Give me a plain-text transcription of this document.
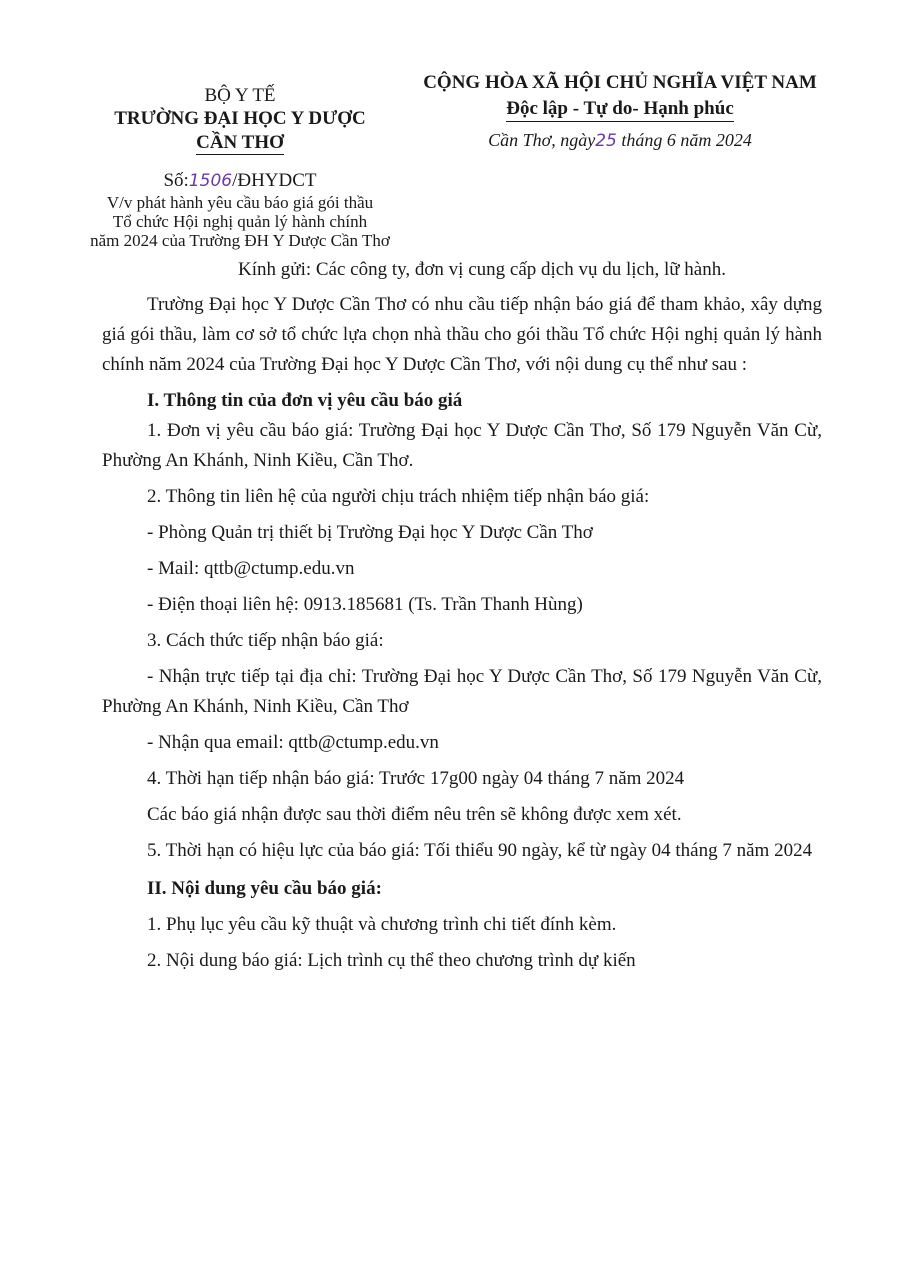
BỘ Y TẾ
TRƯỜNG ĐẠI HỌC Y DƯỢC
CẦN THƠ
Số:1506/ĐHYDCT
V/v phát hành yêu cầu báo giá gói thầu
Tổ chức Hội nghị quản lý hành chính
năm 2024 của Trường ĐH Y Dược Cần Thơ
CỘNG HÒA XÃ HỘI CHỦ NGHĨA VIỆT NAM
Độc lập - Tự do- Hạnh phúc
Cần Thơ, ngày25 tháng 6 năm 2024
Kính gửi: Các công ty, đơn vị cung cấp dịch vụ du lịch, lữ hành.

Trường Đại học Y Dược Cần Thơ có nhu cầu tiếp nhận báo giá để tham khảo, xây dựng giá gói thầu, làm cơ sở tổ chức lựa chọn nhà thầu cho gói thầu Tổ chức Hội nghị quản lý hành chính năm 2024 của Trường Đại học Y Dược Cần Thơ, với nội dung cụ thể như sau :

I. Thông tin của đơn vị yêu cầu báo giá

1. Đơn vị yêu cầu báo giá: Trường Đại học Y Dược Cần Thơ, Số 179 Nguyễn Văn Cừ, Phường An Khánh, Ninh Kiều, Cần Thơ.

2. Thông tin liên hệ của người chịu trách nhiệm tiếp nhận báo giá:

- Phòng Quản trị thiết bị Trường Đại học Y Dược Cần Thơ

- Mail: qttb@ctump.edu.vn

- Điện thoại liên hệ: 0913.185681 (Ts. Trần Thanh Hùng)

3. Cách thức tiếp nhận báo giá:

- Nhận trực tiếp tại địa chỉ: Trường Đại học Y Dược Cần Thơ, Số 179 Nguyễn Văn Cừ, Phường An Khánh, Ninh Kiều, Cần Thơ

- Nhận qua email: qttb@ctump.edu.vn

4. Thời hạn tiếp nhận báo giá: Trước 17g00 ngày 04 tháng 7 năm 2024

Các báo giá nhận được sau thời điểm nêu trên sẽ không được xem xét.

5. Thời hạn có hiệu lực của báo giá: Tối thiểu 90 ngày, kể từ ngày 04 tháng 7 năm 2024

II. Nội dung yêu cầu báo giá:

1. Phụ lục yêu cầu kỹ thuật và chương trình chi tiết đính kèm.

2. Nội dung báo giá: Lịch trình cụ thể theo chương trình dự kiến
